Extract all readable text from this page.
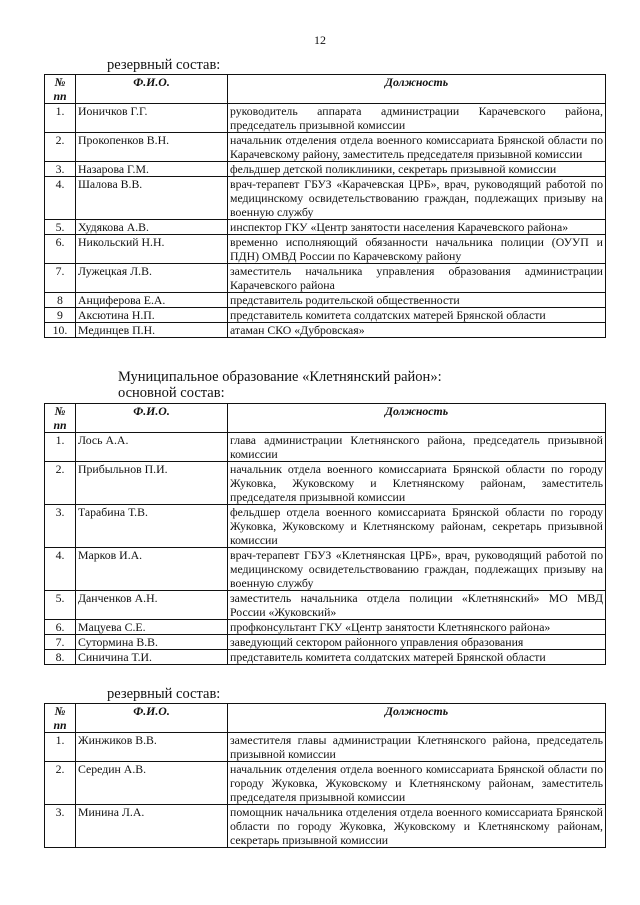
12
резервный состав:
№ пп	Ф.И.О.	Должность
1.	Ионичков Г.Г.	руководитель аппарата администрации Карачевского района, председатель призывной комиссии
2.	Прокопенков В.Н.	начальник отделения отдела военного комиссариата Брянской области по Карачевскому району, заместитель председателя призывной комиссии
3.	Назарова Г.М.	фельдшер детской поликлиники, секретарь призывной комиссии
4.	Шалова В.В.	врач-терапевт ГБУЗ «Карачевская ЦРБ», врач, руководящий работой по медицинскому освидетельствованию граждан, подлежащих призыву на военную службу
5.	Худякова А.В.	инспектор ГКУ «Центр занятости населения Карачевского района»
6.	Никольский Н.Н.	временно исполняющий обязанности начальника полиции (ОУУП и ПДН) ОМВД России по Карачевскому району
7.	Лужецкая Л.В.	заместитель начальника управления образования администрации Карачевского района
8	Анциферова Е.А.	представитель родительской общественности
9	Аксютина Н.П.	представитель комитета солдатских матерей Брянской области
10.	Мединцев П.Н.	атаман СКО «Дубровская»
Муниципальное образование «Клетнянский район»:
основной состав:
№ пп	Ф.И.О.	Должность
1.	Лось А.А.	глава администрации Клетнянского района, председатель призывной комиссии
2.	Прибыльнов П.И.	начальник отдела военного комиссариата Брянской области по городу Жуковка, Жуковскому и Клетнянскому районам, заместитель председателя призывной комиссии
3.	Тарабина Т.В.	фельдшер отдела военного комиссариата Брянской области по городу Жуковка, Жуковскому и Клетнянскому районам, секретарь призывной комиссии
4.	Марков И.А.	врач-терапевт ГБУЗ «Клетнянская ЦРБ», врач, руководящий работой по медицинскому освидетельствованию граждан, подлежащих призыву на военную службу
5.	Данченков А.Н.	заместитель начальника отдела полиции «Клетнянский» МО МВД России «Жуковский»
6.	Мацуева С.Е.	профконсультант ГКУ «Центр занятости Клетнянского района»
7.	Сутормина В.В.	заведующий сектором районного управления образования
8.	Синичина Т.И.	представитель комитета солдатских матерей Брянской области
резервный состав:
№ пп	Ф.И.О.	Должность
1.	Жинжиков В.В.	заместителя главы администрации Клетнянского района, председатель призывной комиссии
2.	Середин А.В.	начальник отделения отдела военного комиссариата Брянской области по городу Жуковка, Жуковскому и Клетнянскому районам, заместитель председателя призывной комиссии
3.	Минина Л.А.	помощник начальника отделения отдела военного комиссариата Брянской области по городу Жуковка, Жуковскому и Клетнянскому районам, секретарь призывной комиссии
